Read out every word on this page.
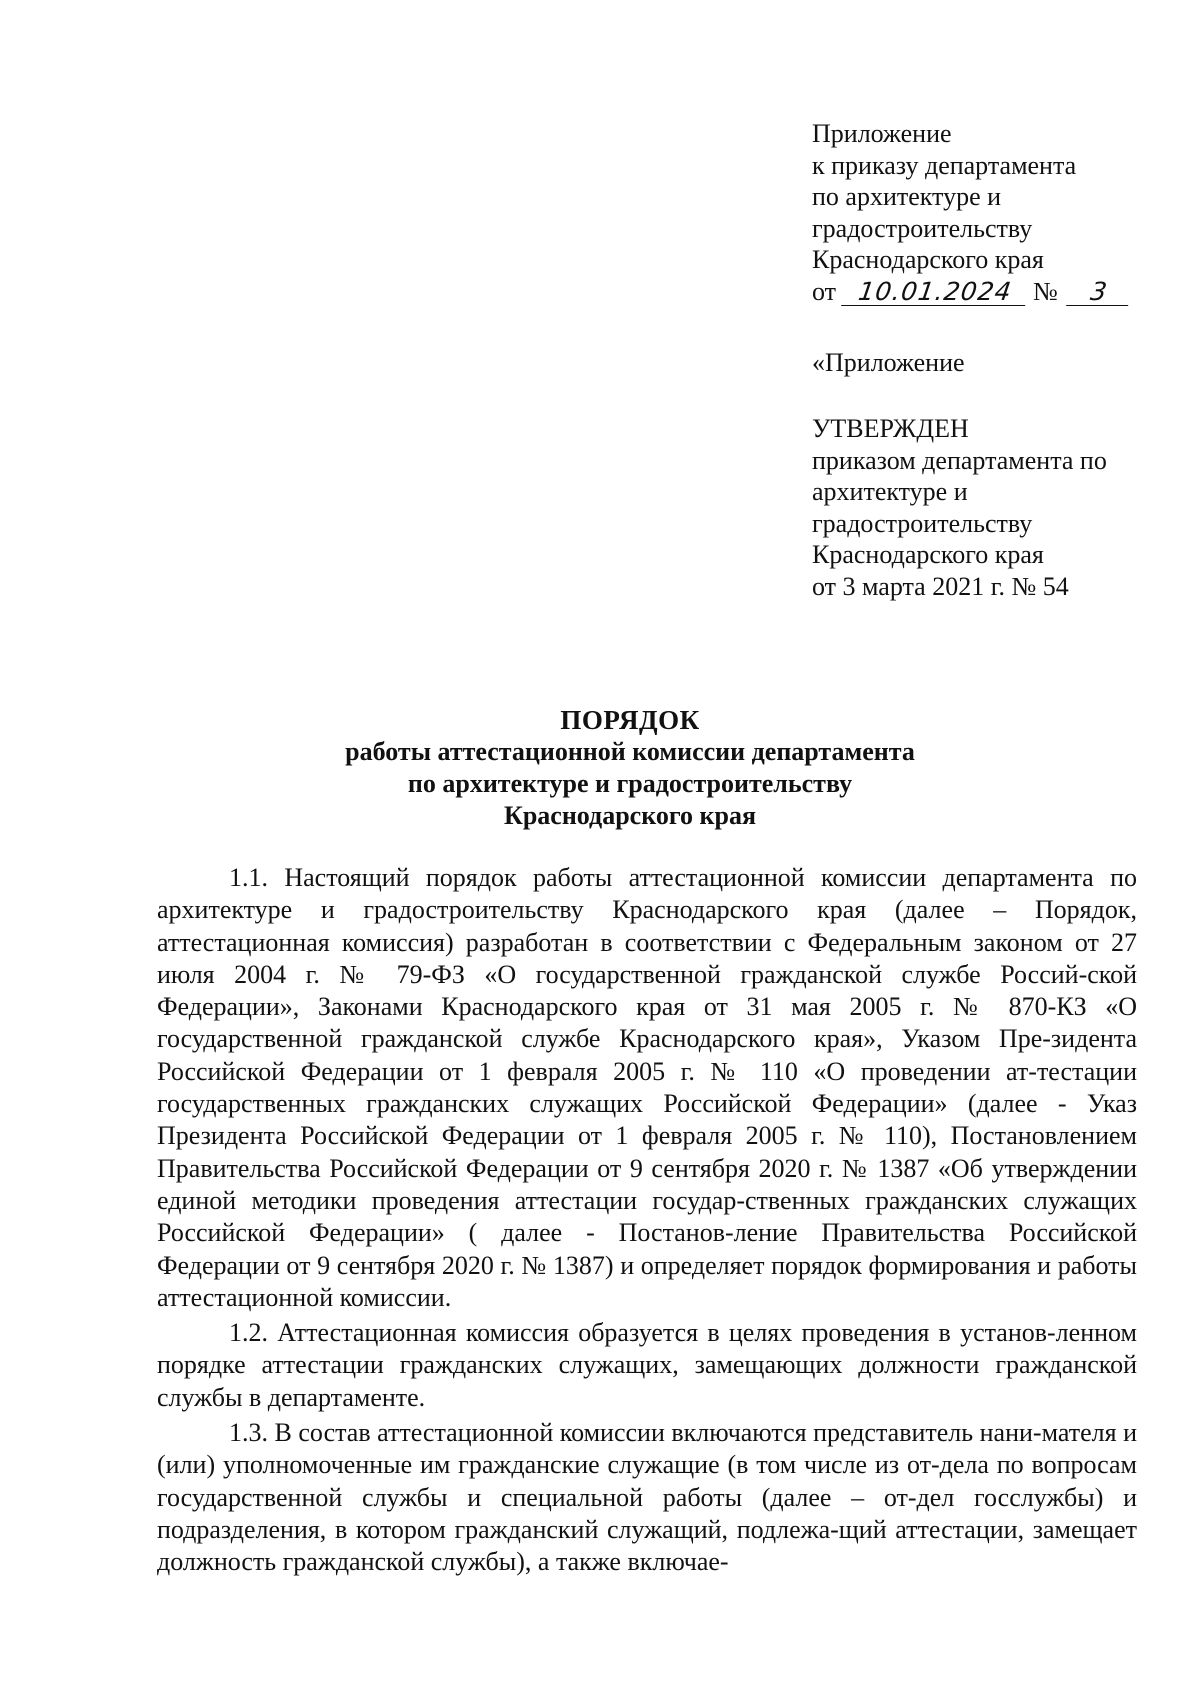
Приложение
к приказу департамента
по архитектуре и
градостроительству
Краснодарского края
от 10.01.2024 № 3
«Приложение
УТВЕРЖДЕН
приказом департамента по
архитектуре и
градостроительству
Краснодарского края
от 3 марта 2021 г. № 54
ПОРЯДОК
работы аттестационной комиссии департамента
по архитектуре и градостроительству
Краснодарского края

1.1. Настоящий порядок работы аттестационной комиссии департамента по архитектуре и градостроительству Краснодарского края (далее – Порядок, аттестационная комиссия) разработан в соответствии с Федеральным законом от 27 июля 2004 г. № 79-ФЗ «О государственной гражданской службе Россий-ской Федерации», Законами Краснодарского края от 31 мая 2005 г. № 870-КЗ «О государственной гражданской службе Краснодарского края», Указом Пре-зидента Российской Федерации от 1 февраля 2005 г. № 110 «О проведении ат-тестации государственных гражданских служащих Российской Федерации» (далее - Указ Президента Российской Федерации от 1 февраля 2005 г. № 110), Постановлением Правительства Российской Федерации от 9 сентября 2020 г. № 1387 «Об утверждении единой методики проведения аттестации государ-ственных гражданских служащих Российской Федерации» ( далее - Постанов-ление Правительства Российской Федерации от 9 сентября 2020 г. № 1387) и определяет порядок формирования и работы аттестационной комиссии.

1.2. Аттестационная комиссия образуется в целях проведения в установ-ленном порядке аттестации гражданских служащих, замещающих должности гражданской службы в департаменте.

1.3. В состав аттестационной комиссии включаются представитель нани-мателя и (или) уполномоченные им гражданские служащие (в том числе из от-дела по вопросам государственной службы и специальной работы (далее – от-дел госслужбы) и подразделения, в котором гражданский служащий, подлежа-щий аттестации, замещает должность гражданской службы), а также включае-
